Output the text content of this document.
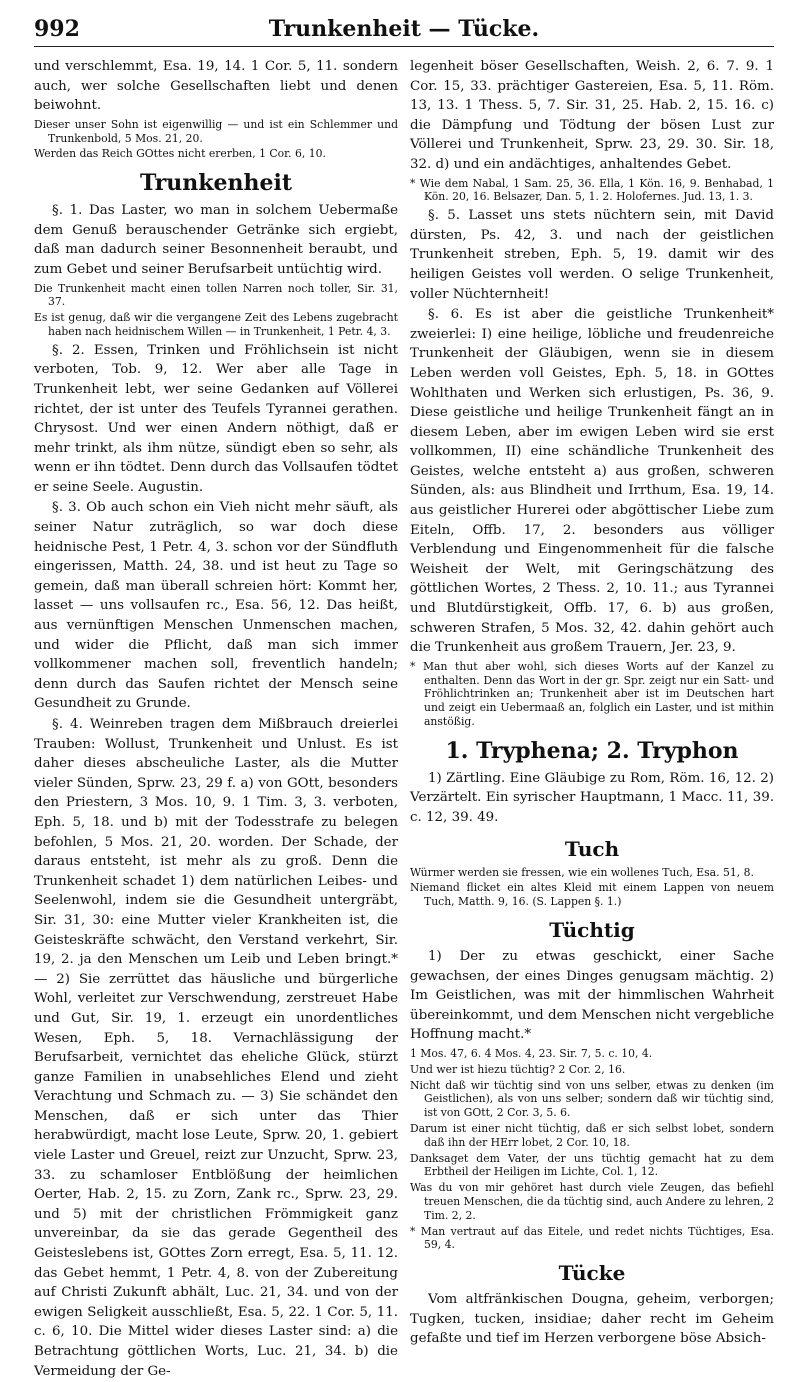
992	Trunkenheit — Tücke.

und verschlemmt, Esa. 19, 14. 1 Cor. 5, 11. sondern auch, wer solche Gesellschaften liebt und denen beiwohnt.

Dieser unser Sohn ist eigenwillig — und ist ein Schlemmer und Trunkenbold, 5 Mos. 21, 20.

Werden das Reich GOttes nicht ererben, 1 Cor. 6, 10.

Trunkenheit

§. 1. Das Laster, wo man in solchem Uebermaße dem Genuß berauschender Getränke sich ergiebt, daß man dadurch seiner Besonnenheit beraubt, und zum Gebet und seiner Berufsarbeit untüchtig wird.

Die Trunkenheit macht einen tollen Narren noch toller, Sir. 31, 37.

Es ist genug, daß wir die vergangene Zeit des Lebens zugebracht haben nach heidnischem Willen — in Trunkenheit, 1 Petr. 4, 3.

§. 2. Essen, Trinken und Fröhlichsein ist nicht verboten, Tob. 9, 12. Wer aber alle Tage in Trunkenheit lebt, wer seine Gedanken auf Völlerei richtet, der ist unter des Teufels Tyrannei gerathen. Chrysost. Und wer einen Andern nöthigt, daß er mehr trinkt, als ihm nütze, sündigt eben so sehr, als wenn er ihn tödtet. Denn durch das Vollsaufen tödtet er seine Seele. Augustin.

§. 3. Ob auch schon ein Vieh nicht mehr säuft, als seiner Natur zuträglich, so war doch diese heidnische Pest, 1 Petr. 4, 3. schon vor der Sündfluth eingerissen, Matth. 24, 38. und ist heut zu Tage so gemein, daß man überall schreien hört: Kommt her, lasset — uns vollsaufen rc., Esa. 56, 12. Das heißt, aus vernünftigen Menschen Unmenschen machen, und wider die Pflicht, daß man sich immer vollkommener machen soll, freventlich handeln; denn durch das Saufen richtet der Mensch seine Gesundheit zu Grunde.

§. 4. Weinreben tragen dem Mißbrauch dreierlei Trauben: Wollust, Trunkenheit und Unlust. Es ist daher dieses abscheuliche Laster, als die Mutter vieler Sünden, Sprw. 23, 29 f. a) von GOtt, besonders den Priestern, 3 Mos. 10, 9. 1 Tim. 3, 3. verboten, Eph. 5, 18. und b) mit der Todesstrafe zu belegen befohlen, 5 Mos. 21, 20. worden. Der Schade, der daraus entsteht, ist mehr als zu groß. Denn die Trunkenheit schadet 1) dem natürlichen Leibes- und Seelenwohl, indem sie die Gesundheit untergräbt, Sir. 31, 30: eine Mutter vieler Krankheiten ist, die Geisteskräfte schwächt, den Verstand verkehrt, Sir. 19, 2. ja den Menschen um Leib und Leben bringt.* — 2) Sie zerrüttet das häusliche und bürgerliche Wohl, verleitet zur Verschwendung, zerstreuet Habe und Gut, Sir. 19, 1. erzeugt ein unordentliches Wesen, Eph. 5, 18. Vernachlässigung der Berufsarbeit, vernichtet das eheliche Glück, stürzt ganze Familien in unabsehliches Elend und zieht Verachtung und Schmach zu. — 3) Sie schändet den Menschen, daß er sich unter das Thier herabwürdigt, macht lose Leute, Sprw. 20, 1. gebiert viele Laster und Greuel, reizt zur Unzucht, Sprw. 23, 33. zu schamloser Entblößung der heimlichen Oerter, Hab. 2, 15. zu Zorn, Zank rc., Sprw. 23, 29. und 5) mit der christlichen Frömmigkeit ganz unvereinbar, da sie das gerade Gegentheil des Geisteslebens ist, GOttes Zorn erregt, Esa. 5, 11. 12. das Gebet hemmt, 1 Petr. 4, 8. von der Zubereitung auf Christi Zukunft abhält, Luc. 21, 34. und von der ewigen Seligkeit ausschließt, Esa. 5, 22. 1 Cor. 5, 11. c. 6, 10. Die Mittel wider dieses Laster sind: a) die Betrachtung göttlichen Worts, Luc. 21, 34. b) die Vermeidung der Ge-

legenheit böser Gesellschaften, Weish. 2, 6. 7. 9. 1 Cor. 15, 33. prächtiger Gastereien, Esa. 5, 11. Röm. 13, 13. 1 Thess. 5, 7. Sir. 31, 25. Hab. 2, 15. 16. c) die Dämpfung und Tödtung der bösen Lust zur Völlerei und Trunkenheit, Sprw. 23, 29. 30. Sir. 18, 32. d) und ein andächtiges, anhaltendes Gebet.

* Wie dem Nabal, 1 Sam. 25, 36. Ella, 1 Kön. 16, 9. Benhabad, 1 Kön. 20, 16. Belsazer, Dan. 5, 1. 2. Holofernes. Jud. 13, 1. 3.

§. 5. Lasset uns stets nüchtern sein, mit David dürsten, Ps. 42, 3. und nach der geistlichen Trunkenheit streben, Eph. 5, 19. damit wir des heiligen Geistes voll werden. O selige Trunkenheit, voller Nüchternheit!

§. 6. Es ist aber die geistliche Trunkenheit* zweierlei: I) eine heilige, löbliche und freudenreiche Trunkenheit der Gläubigen, wenn sie in diesem Leben werden voll Geistes, Eph. 5, 18. in GOttes Wohlthaten und Werken sich erlustigen, Ps. 36, 9. Diese geistliche und heilige Trunkenheit fängt an in diesem Leben, aber im ewigen Leben wird sie erst vollkommen, II) eine schändliche Trunkenheit des Geistes, welche entsteht a) aus großen, schweren Sünden, als: aus Blindheit und Irrthum, Esa. 19, 14. aus geistlicher Hurerei oder abgöttischer Liebe zum Eiteln, Offb. 17, 2. besonders aus völliger Verblendung und Eingenommenheit für die falsche Weisheit der Welt, mit Geringschätzung des göttlichen Wortes, 2 Thess. 2, 10. 11.; aus Tyrannei und Blutdürstigkeit, Offb. 17, 6. b) aus großen, schweren Strafen, 5 Mos. 32, 42. dahin gehört auch die Trunkenheit aus großem Trauern, Jer. 23, 9.

* Man thut aber wohl, sich dieses Worts auf der Kanzel zu enthalten. Denn das Wort in der gr. Spr. zeigt nur ein Satt- und Fröhlichtrinken an; Trunkenheit aber ist im Deutschen hart und zeigt ein Uebermaaß an, folglich ein Laster, und ist mithin anstößig.

1. Tryphena; 2. Tryphon

1) Zärtling. Eine Gläubige zu Rom, Röm. 16, 12. 2) Verzärtelt. Ein syrischer Hauptmann, 1 Macc. 11, 39. c. 12, 39. 49.

Tuch

Würmer werden sie fressen, wie ein wollenes Tuch, Esa. 51, 8.

Niemand flicket ein altes Kleid mit einem Lappen von neuem Tuch, Matth. 9, 16. (S. Lappen §. 1.)

Tüchtig

1) Der zu etwas geschickt, einer Sache gewachsen, der eines Dinges genugsam mächtig. 2) Im Geistlichen, was mit der himmlischen Wahrheit übereinkommt, und dem Menschen nicht vergebliche Hoffnung macht.*

1 Mos. 47, 6. 4 Mos. 4, 23. Sir. 7, 5. c. 10, 4.

Und wer ist hiezu tüchtig? 2 Cor. 2, 16.

Nicht daß wir tüchtig sind von uns selber, etwas zu denken (im Geistlichen), als von uns selber; sondern daß wir tüchtig sind, ist von GOtt, 2 Cor. 3, 5. 6.

Darum ist einer nicht tüchtig, daß er sich selbst lobet, sondern daß ihn der HErr lobet, 2 Cor. 10, 18.

Danksaget dem Vater, der uns tüchtig gemacht hat zu dem Erbtheil der Heiligen im Lichte, Col. 1, 12.

Was du von mir gehöret hast durch viele Zeugen, das befiehl treuen Menschen, die da tüchtig sind, auch Andere zu lehren, 2 Tim. 2, 2.

* Man vertraut auf das Eitele, und redet nichts Tüchtiges, Esa. 59, 4.

Tücke

Vom altfränkischen Dougna, geheim, verborgen; Tugken, tucken, insidiae; daher recht im Geheim gefaßte und tief im Herzen verborgene böse Absich-
